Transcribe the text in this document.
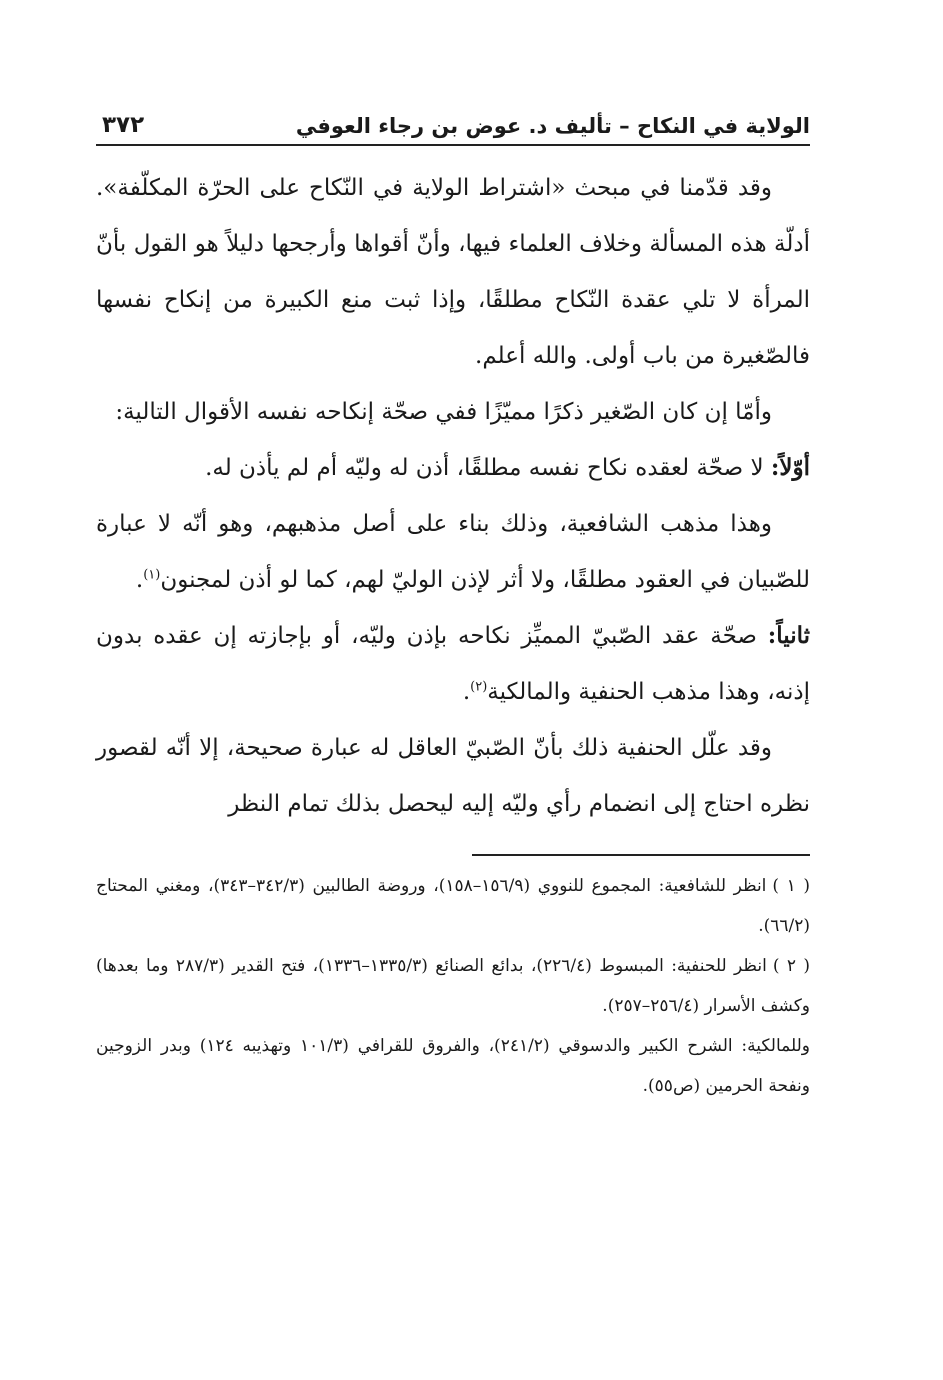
الولاية في النكاح – تأليف د. عوض بن رجاء العوفي
٣٧٢

وقد قدّمنا في مبحث «اشتراط الولاية في النّكاح على الحرّة المكلّفة». أدلّة هذه المسألة وخلاف العلماء فيها، وأنّ أقواها وأرجحها دليلاً هو القول بأنّ المرأة لا تلي عقدة النّكاح مطلقًا، وإذا ثبت منع الكبيرة من إنكاح نفسها فالصّغيرة من باب أولى. والله أعلم.

وأمّا إن كان الصّغير ذكرًا مميّزًا ففي صحّة إنكاحه نفسه الأقوال التالية:

أوّلاً: لا صحّة لعقده نكاح نفسه مطلقًا، أذن له وليّه أم لم يأذن له.

وهذا مذهب الشافعية، وذلك بناء على أصل مذهبهم، وهو أنّه لا عبارة للصّبيان في العقود مطلقًا، ولا أثر لإذن الوليّ لهم، كما لو أذن لمجنون$^{(١)}$.

ثانياً: صحّة عقد الصّبيّ المميِّز نكاحه بإذن وليّه، أو بإجازته إن عقده بدون إذنه، وهذا مذهب الحنفية والمالكية$^{(٢)}$.

وقد علّل الحنفية ذلك بأنّ الصّبيّ العاقل له عبارة صحيحة، إلا أنّه لقصور نظره احتاج إلى انضمام رأي وليّه إليه ليحصل بذلك تمام النظر

( ١ )انظر للشافعية: المجموع للنووي (١٥٦/٩–١٥٨)، وروضة الطالبين (٣٤٢/٣–٣٤٣)، ومغني المحتاج (٦٦/٢).

( ٢ )انظر للحنفية: المبسوط (٢٢٦/٤)، بدائع الصنائع (١٣٣٥/٣–١٣٣٦)، فتح القدير (٢٨٧/٣ وما بعدها) وكشف الأسرار (٢٥٦/٤–٢٥٧).

وللمالكية: الشرح الكبير والدسوقي (٢٤١/٢)، والفروق للقرافي (١٠١/٣ وتهذيبه ١٢٤) وبدر الزوجين ونفحة الحرمين (ص٥٥).
